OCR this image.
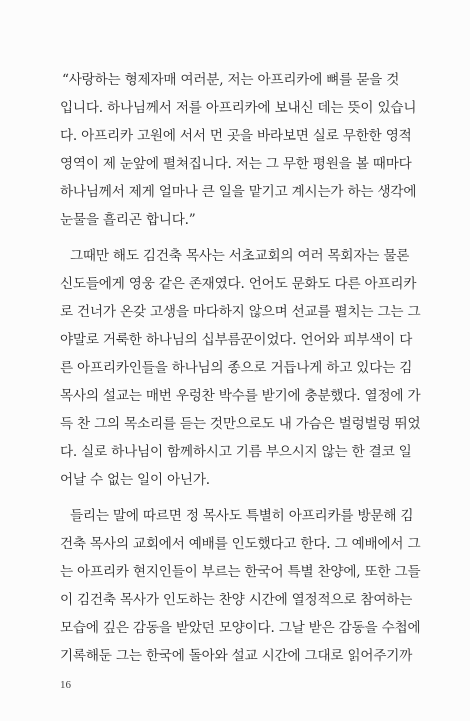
“사랑하는 형제자매 여러분, 저는 아프리카에 뼈를 묻을 것
입니다. 하나님께서 저를 아프리카에 보내신 데는 뜻이 있습니
다. 아프리카 고원에 서서 먼 곳을 바라보면 실로 무한한 영적
영역이 제 눈앞에 펼쳐집니다. 저는 그 무한 평원을 볼 때마다
하나님께서 제게 얼마나 큰 일을 맡기고 계시는가 하는 생각에
눈물을 흘리곤 합니다.”
그때만 해도 김건축 목사는 서초교회의 여러 목회자는 물론
신도들에게 영웅 같은 존재였다. 언어도 문화도 다른 아프리카
로 건너가 온갖 고생을 마다하지 않으며 선교를 펼치는 그는 그
야말로 거룩한 하나님의 십부름꾼이었다. 언어와 피부색이 다
른 아프리카인들을 하나님의 종으로 거듭나게 하고 있다는 김
목사의 설교는 매번 우렁찬 박수를 받기에 충분했다. 열정에 가
득 찬 그의 목소리를 듣는 것만으로도 내 가슴은 벌렁벌렁 뛰었
다. 실로 하나님이 함께하시고 기름 부으시지 않는 한 결코 일
어날 수 없는 일이 아닌가.
들리는 말에 따르면 정 목사도 특별히 아프리카를 방문해 김
건축 목사의 교회에서 예배를 인도했다고 한다. 그 예배에서 그
는 아프리카 현지인들이 부르는 한국어 특별 찬양에, 또한 그들
이 김건축 목사가 인도하는 찬양 시간에 열정적으로 참여하는
모습에 깊은 감동을 받았던 모양이다. 그날 받은 감동을 수첩에
기록해둔 그는 한국에 돌아와 설교 시간에 그대로 읽어주기까
16
